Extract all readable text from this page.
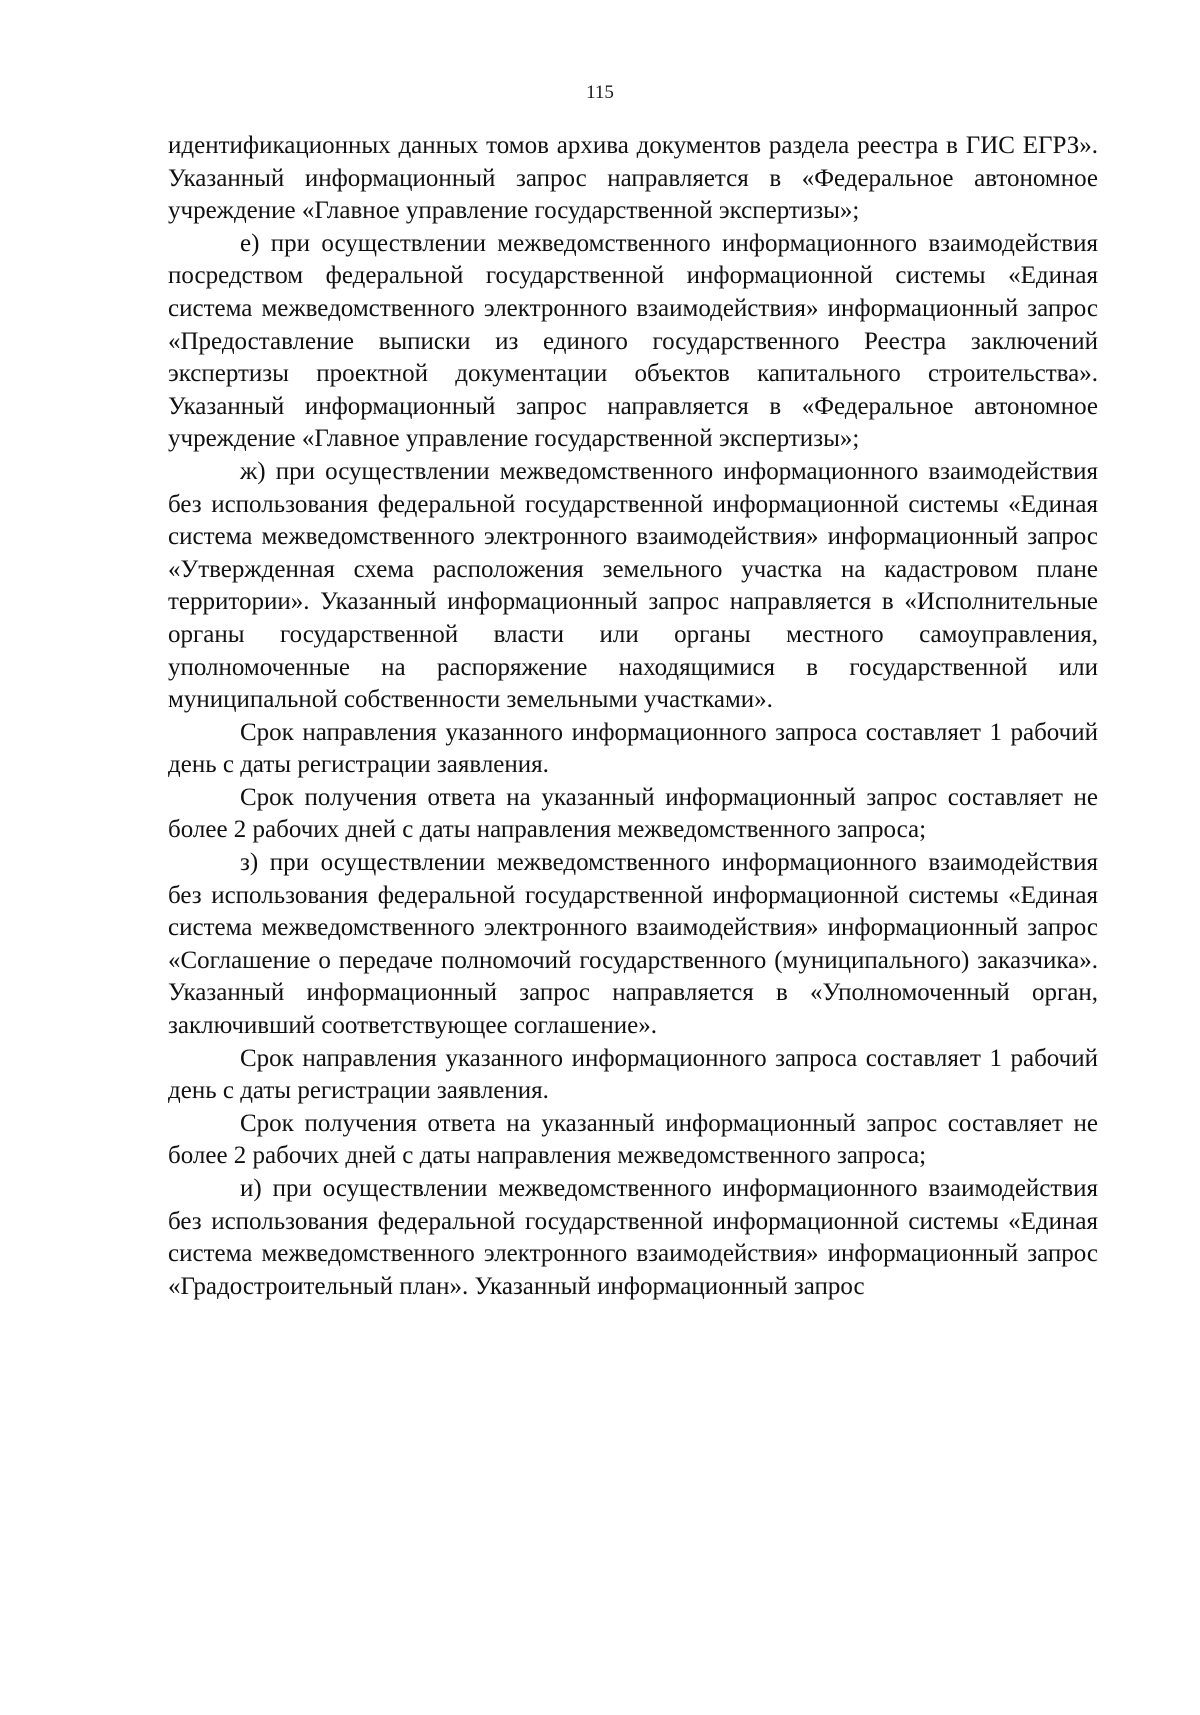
115

идентификационных данных томов архива документов раздела реестра в ГИС ЕГРЗ». Указанный информационный запрос направляется в «Федеральное автономное учреждение «Главное управление государственной экспертизы»;

е) при осуществлении межведомственного информационного взаимодействия посредством федеральной государственной информационной системы «Единая система межведомственного электронного взаимодействия» информационный запрос «Предоставление выписки из единого государственного Реестра заключений экспертизы проектной документации объектов капитального строительства». Указанный информационный запрос направляется в «Федеральное автономное учреждение «Главное управление государственной экспертизы»;

ж) при осуществлении межведомственного информационного взаимодействия без использования федеральной государственной информационной системы «Единая система межведомственного электронного взаимодействия» информационный запрос «Утвержденная схема расположения земельного участка на кадастровом плане территории». Указанный информационный запрос направляется в «Исполнительные органы государственной власти или органы местного самоуправления, уполномоченные на распоряжение находящимися в государственной или муниципальной собственности земельными участками».

Срок направления указанного информационного запроса составляет 1 рабочий день с даты регистрации заявления.

Срок получения ответа на указанный информационный запрос составляет не более 2 рабочих дней с даты направления межведомственного запроса;

з) при осуществлении межведомственного информационного взаимодействия без использования федеральной государственной информационной системы «Единая система межведомственного электронного взаимодействия» информационный запрос «Соглашение о передаче полномочий государственного (муниципального) заказчика». Указанный информационный запрос направляется в «Уполномоченный орган, заключивший соответствующее соглашение».

Срок направления указанного информационного запроса составляет 1 рабочий день с даты регистрации заявления.

Срок получения ответа на указанный информационный запрос составляет не более 2 рабочих дней с даты направления межведомственного запроса;

и) при осуществлении межведомственного информационного взаимодействия без использования федеральной государственной информационной системы «Единая система межведомственного электронного взаимодействия» информационный запрос «Градостроительный план». Указанный информационный запрос
